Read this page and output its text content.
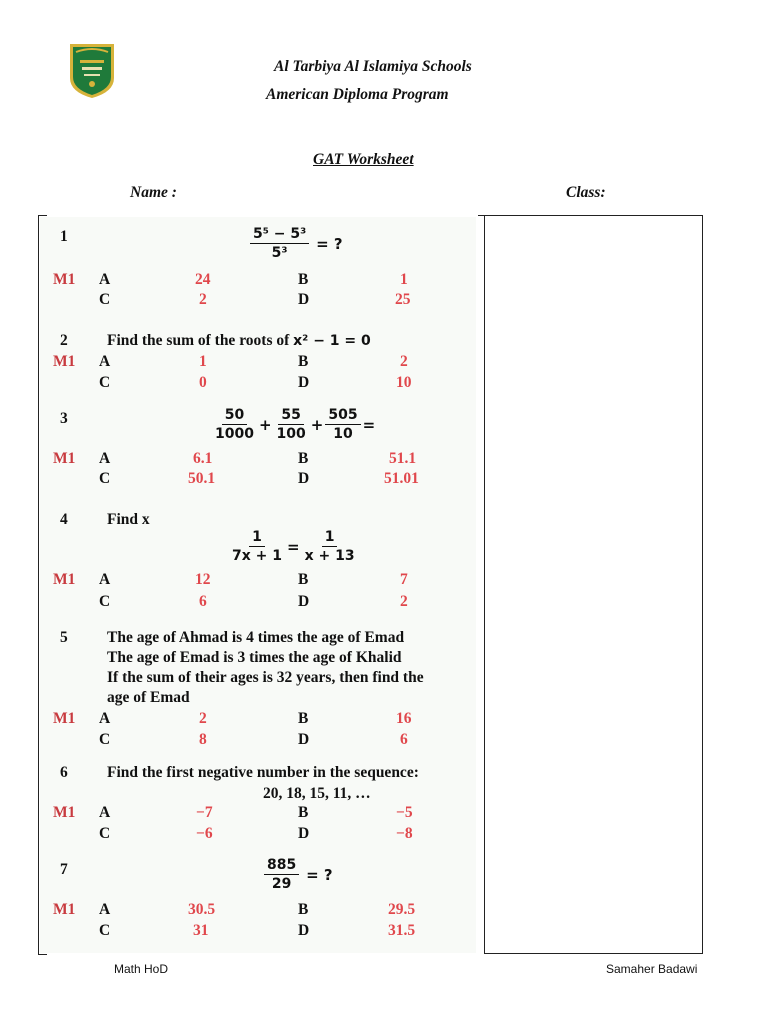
Al Tarbiya Al Islamiya Schools
American Diploma Program
GAT Worksheet
Name :	Class:
1	$\frac{\text{5⁵ − 5³}}{\text{5³}}$ = ?
M1 A	24	B	1
C	2	D	25
2	Find the sum of the roots of x² − 1 = 0
M1 A	1	B	2
C	0	D	10
3	$\frac{50}{1000} + \frac{55}{100} + \frac{505}{10}$ =
M1 A	6.1	B	51.1
C	50.1	D	51.01
4	Find x
$\frac{1}{7x + 1} = \frac{1}{x + 13}$
M1 A	12	B	7
C	6	D	2
5	The age of Ahmad is 4 times the age of Emad
The age of Emad is 3 times the age of Khalid
If the sum of their ages is 32 years, then find the
age of Emad
M1 A	2	B	16
C	8	D	6
6	Find the first negative number in the sequence:
20, 18, 15, 11, …
M1 A	−7	B	−5
C	−6	D	−8
7	$\frac{885}{29}$ = ?
M1 A	30.5	B	29.5
C	31	D	31.5
Math HoD	Samaher Badawi
